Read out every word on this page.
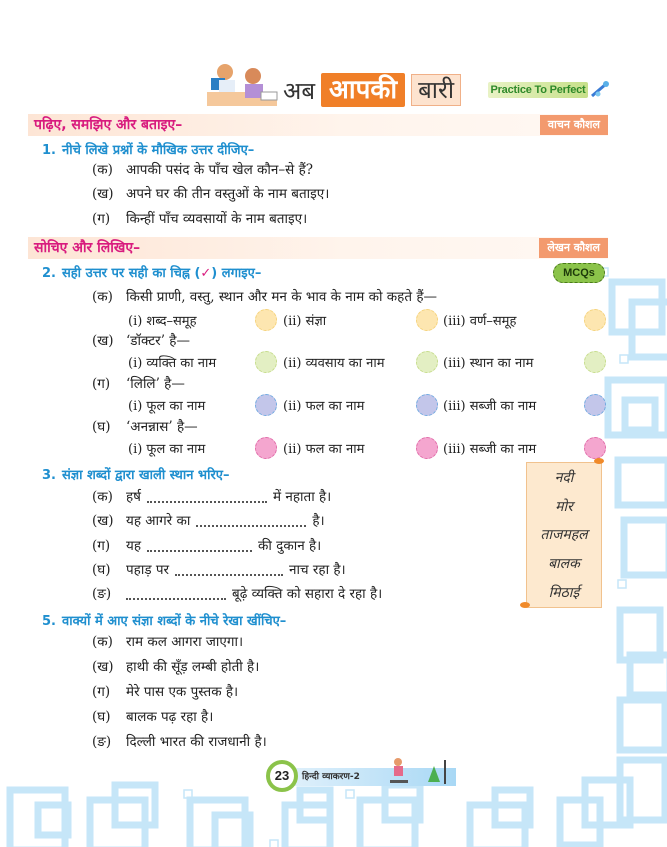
अब आपकी बारी	Practice To Perfect
पढ़िए, समझिए और बताइए–	वाचन कौशल
1. नीचे लिखे प्रश्नों के मौखिक उत्तर दीजिए–
(क) आपकी पसंद के पाँच खेल कौन–से हैं?
(ख) अपने घर की तीन वस्तुओं के नाम बताइए।
(ग) किन्हीं पाँच व्यवसायों के नाम बताइए।
सोचिए और लिखिए–	लेखन कौशल
2. सही उत्तर पर सही का चिह्न (✓) लगाइए–	MCQs
(क) किसी प्राणी, वस्तु, स्थान और मन के भाव के नाम को कहते हैं—
(i) शब्द–समूह	(ii) संज्ञा	(iii) वर्ण–समूह
(ख) ‘डॉक्टर’ है—
(i) व्यक्ति का नाम	(ii) व्यवसाय का नाम	(iii) स्थान का नाम
(ग) ‘लिलि’ है—
(i) फूल का नाम	(ii) फल का नाम	(iii) सब्जी का नाम
(घ) ‘अनन्नास’ है—
(i) फूल का नाम	(ii) फल का नाम	(iii) सब्जी का नाम
3. संज्ञा शब्दों द्वारा खाली स्थान भरिए–
(क) हर्ष	में नहाता है।
(ख) यह आगरे का	है।
(ग) यह	की दुकान है।
(घ) पहाड़ पर	नाच रहा है।
(ङ)	बूढ़े व्यक्ति को सहारा दे रहा है।
नदी
मोर
ताजमहल
बालक
मिठाई
5. वाक्यों में आए संज्ञा शब्दों के नीचे रेखा खींचिए–
(क) राम कल आगरा जाएगा।
(ख) हाथी की सूँड़ लम्बी होती है।
(ग) मेरे पास एक पुस्तक है।
(घ) बालक पढ़ रहा है।
(ङ) दिल्ली भारत की राजधानी है।
हिन्दी व्याकरण-2
23
